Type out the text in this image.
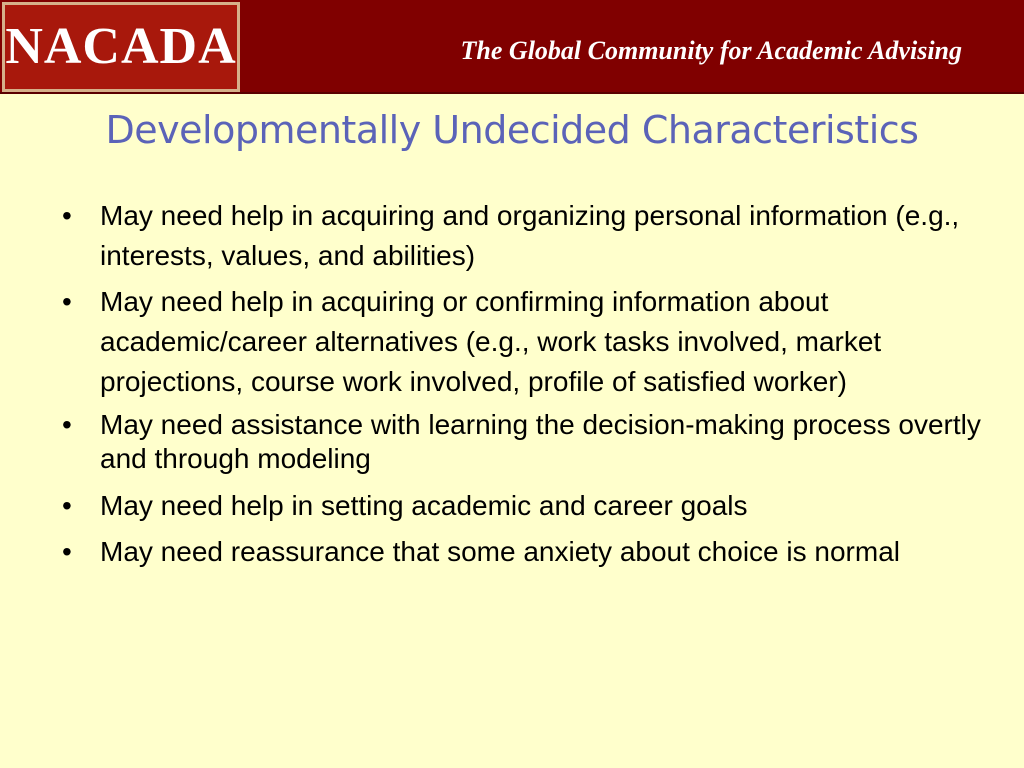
NACADA	The Global Community for Academic Advising
Developmentally Undecided Characteristics
• May need help in acquiring and organizing personal information (e.g., interests, values, and abilities)
• May need help in acquiring or confirming information about academic/career alternatives (e.g., work tasks involved, market projections, course work involved, profile of satisfied worker)
• May need assistance with learning the decision-making process overtly and through modeling
• May need help in setting academic and career goals
• May need reassurance that some anxiety about choice is normal
